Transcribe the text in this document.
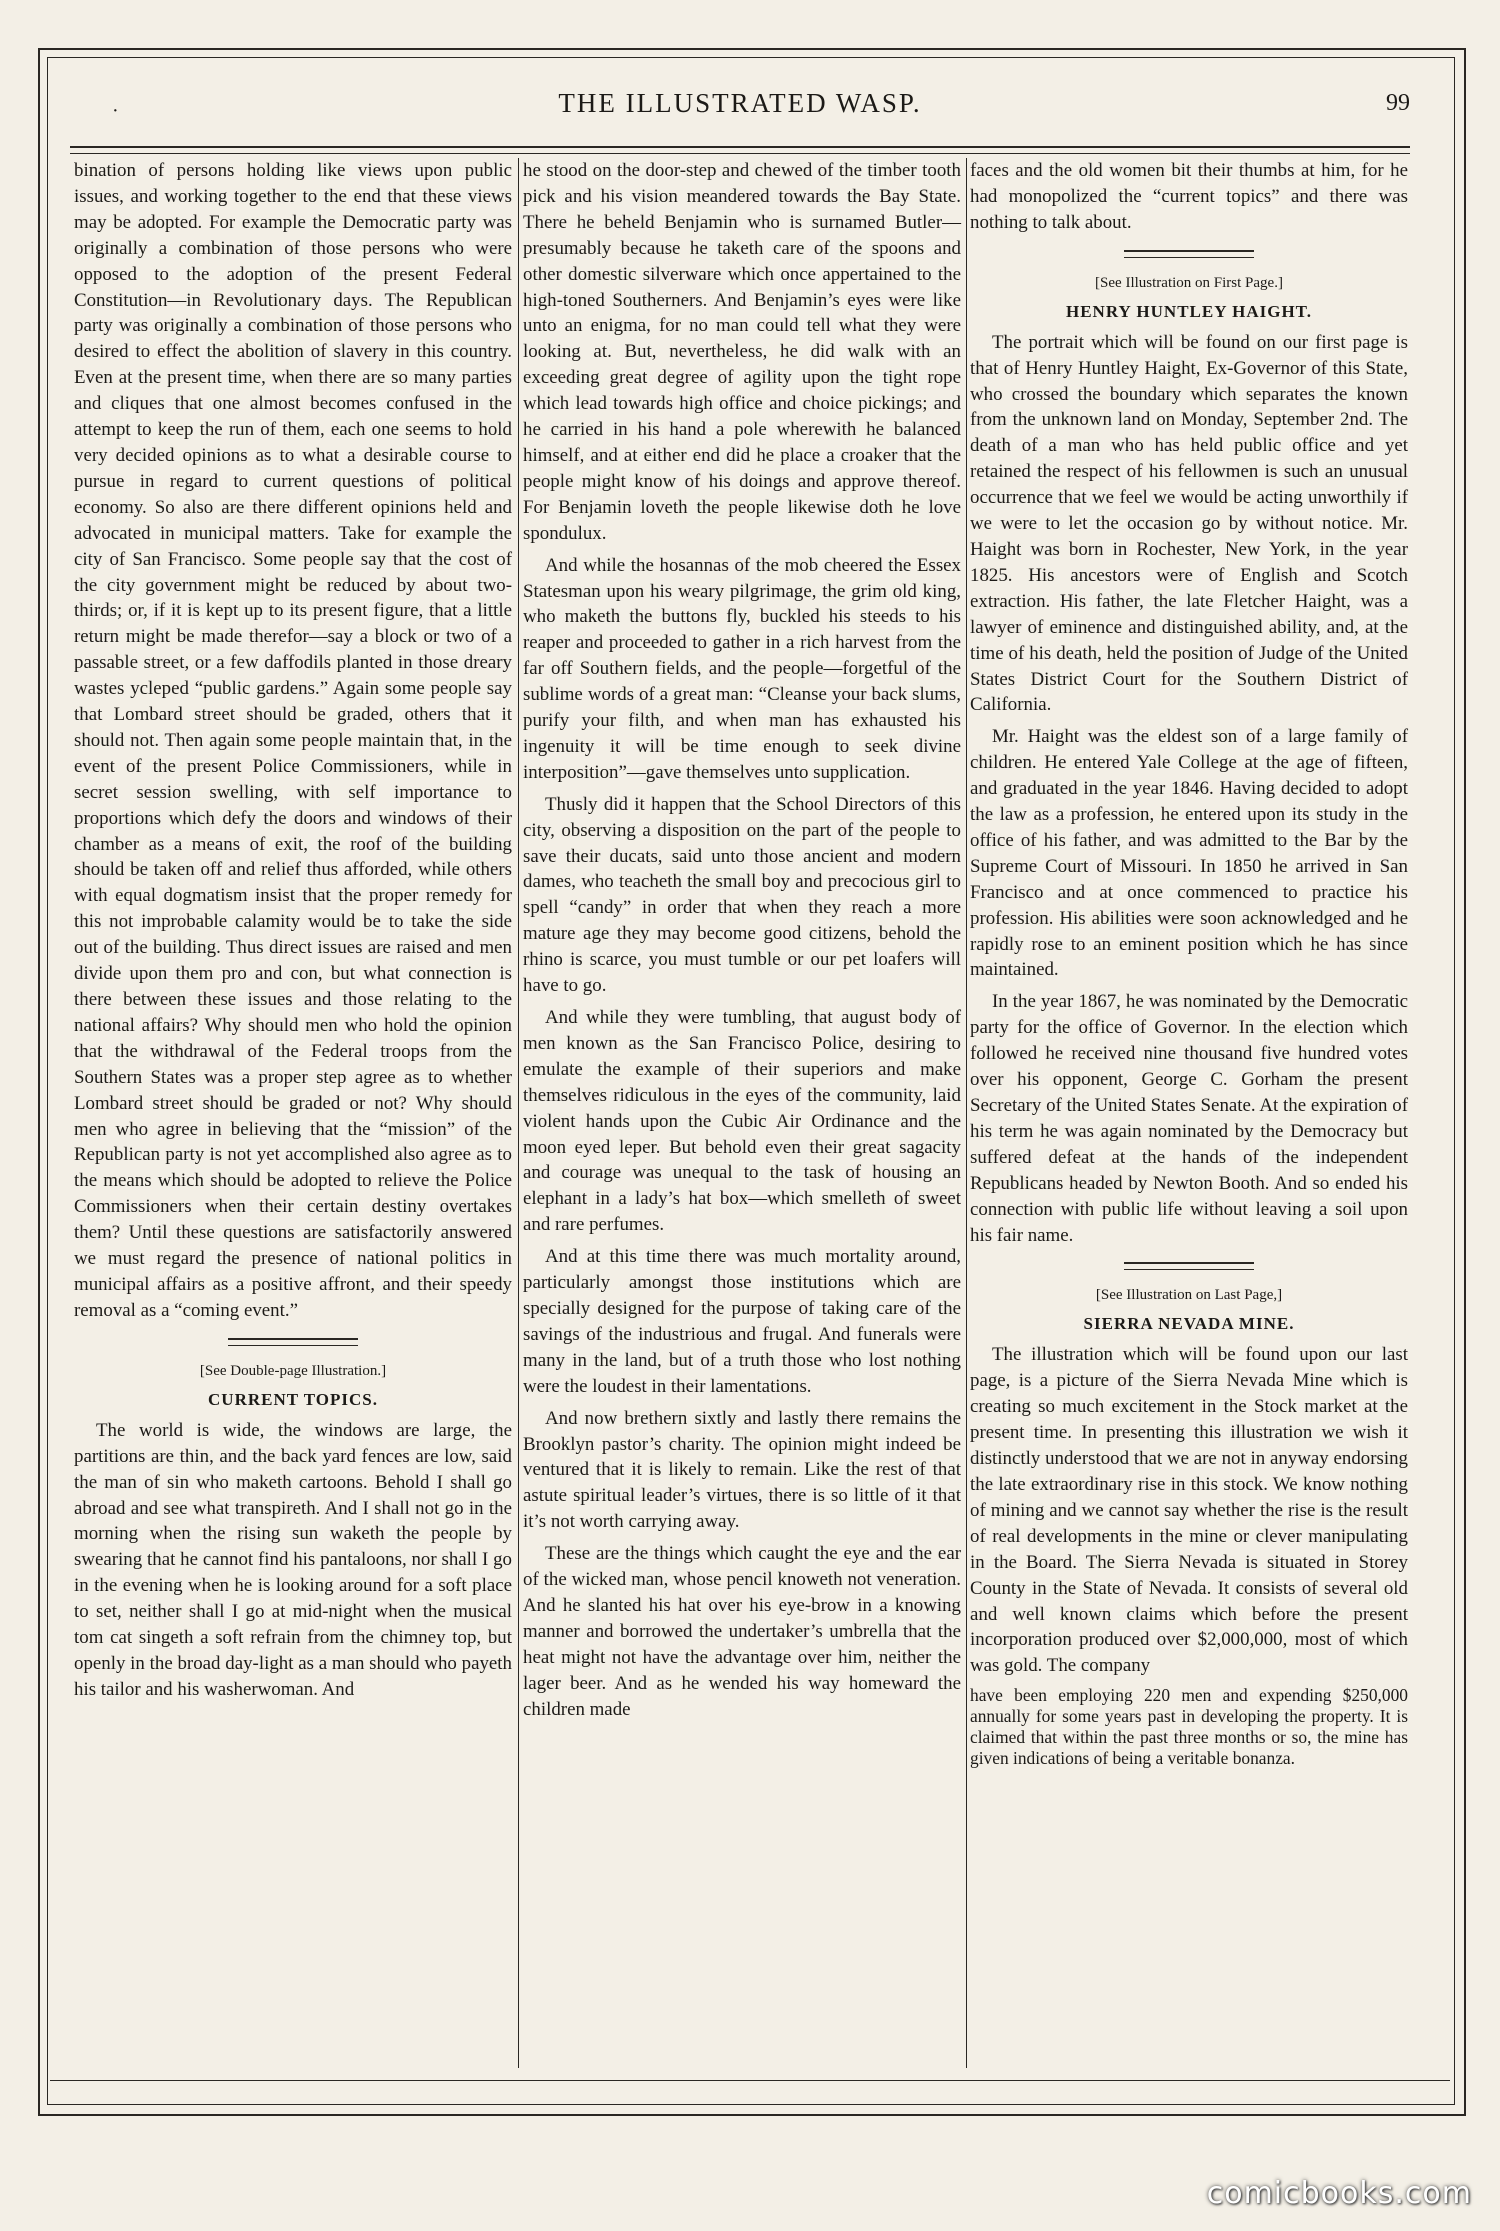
·	THE ILLUSTRATED WASP.	99

bination of persons holding like views upon public issues, and working together to the end that these views may be adopted. For example the Democratic party was originally a combination of those persons who were opposed to the adoption of the present Federal Constitution—in Revolutionary days. The Republican party was originally a combination of those persons who desired to effect the abolition of slavery in this country. Even at the present time, when there are so many parties and cliques that one almost becomes confused in the attempt to keep the run of them, each one seems to hold very decided opinions as to what a desirable course to pursue in regard to current questions of political economy. So also are there different opinions held and advocated in municipal matters. Take for example the city of San Francisco. Some people say that the cost of the city government might be reduced by about two-thirds; or, if it is kept up to its present figure, that a little return might be made therefor—say a block or two of a passable street, or a few daffodils planted in those dreary wastes ycleped “public gardens.” Again some people say that Lombard street should be graded, others that it should not. Then again some people maintain that, in the event of the present Police Commissioners, while in secret session swelling, with self importance to proportions which defy the doors and windows of their chamber as a means of exit, the roof of the building should be taken off and relief thus afforded, while others with equal dogmatism insist that the proper remedy for this not improbable calamity would be to take the side out of the building. Thus direct issues are raised and men divide upon them pro and con, but what connection is there between these issues and those relating to the national affairs? Why should men who hold the opinion that the withdrawal of the Federal troops from the Southern States was a proper step agree as to whether Lombard street should be graded or not? Why should men who agree in believing that the “mission” of the Republican party is not yet accomplished also agree as to the means which should be adopted to relieve the Police Commissioners when their certain destiny overtakes them? Until these questions are satisfactorily answered we must regard the presence of national politics in municipal affairs as a positive affront, and their speedy removal as a “coming event.”

[See Double-page Illustration.]

CURRENT TOPICS.

The world is wide, the windows are large, the partitions are thin, and the back yard fences are low, said the man of sin who maketh cartoons. Behold I shall go abroad and see what transpireth. And I shall not go in the morning when the rising sun waketh the people by swearing that he cannot find his pantaloons, nor shall I go in the evening when he is looking around for a soft place to set, neither shall I go at mid-night when the musical tom cat singeth a soft refrain from the chimney top, but openly in the broad day-light as a man should who payeth his tailor and his washerwoman. And

he stood on the door-step and chewed of the timber tooth pick and his vision meandered towards the Bay State. There he beheld Benjamin who is surnamed Butler—presumably because he taketh care of the spoons and other domestic silverware which once appertained to the high-toned Southerners. And Benjamin’s eyes were like unto an enigma, for no man could tell what they were looking at. But, nevertheless, he did walk with an exceeding great degree of agility upon the tight rope which lead towards high office and choice pickings; and he carried in his hand a pole wherewith he balanced himself, and at either end did he place a croaker that the people might know of his doings and approve thereof. For Benjamin loveth the people likewise doth he love spondulux.

And while the hosannas of the mob cheered the Essex Statesman upon his weary pilgrimage, the grim old king, who maketh the buttons fly, buckled his steeds to his reaper and proceeded to gather in a rich harvest from the far off Southern fields, and the people—forgetful of the sublime words of a great man: “Cleanse your back slums, purify your filth, and when man has exhausted his ingenuity it will be time enough to seek divine interposition”—gave themselves unto supplication.

Thusly did it happen that the School Directors of this city, observing a disposition on the part of the people to save their ducats, said unto those ancient and modern dames, who teacheth the small boy and precocious girl to spell “candy” in order that when they reach a more mature age they may become good citizens, behold the rhino is scarce, you must tumble or our pet loafers will have to go.

And while they were tumbling, that august body of men known as the San Francisco Police, desiring to emulate the example of their superiors and make themselves ridiculous in the eyes of the community, laid violent hands upon the Cubic Air Ordinance and the moon eyed leper. But behold even their great sagacity and courage was unequal to the task of housing an elephant in a lady’s hat box—which smelleth of sweet and rare perfumes.

And at this time there was much mortality around, particularly amongst those institutions which are specially designed for the purpose of taking care of the savings of the industrious and frugal. And funerals were many in the land, but of a truth those who lost nothing were the loudest in their lamentations.

And now brethern sixtly and lastly there remains the Brooklyn pastor’s charity. The opinion might indeed be ventured that it is likely to remain. Like the rest of that astute spiritual leader’s virtues, there is so little of it that it’s not worth carrying away.

These are the things which caught the eye and the ear of the wicked man, whose pencil knoweth not veneration. And he slanted his hat over his eye-brow in a knowing manner and borrowed the undertaker’s umbrella that the heat might not have the advantage over him, neither the lager beer. And as he wended his way homeward the children made

faces and the old women bit their thumbs at him, for he had monopolized the “current topics” and there was nothing to talk about.

[See Illustration on First Page.]

HENRY HUNTLEY HAIGHT.

The portrait which will be found on our first page is that of Henry Huntley Haight, Ex-Governor of this State, who crossed the boundary which separates the known from the unknown land on Monday, September 2nd. The death of a man who has held public office and yet retained the respect of his fellowmen is such an unusual occurrence that we feel we would be acting unworthily if we were to let the occasion go by without notice. Mr. Haight was born in Rochester, New York, in the year 1825. His ancestors were of English and Scotch extraction. His father, the late Fletcher Haight, was a lawyer of eminence and distinguished ability, and, at the time of his death, held the position of Judge of the United States District Court for the Southern District of California.

Mr. Haight was the eldest son of a large family of children. He entered Yale College at the age of fifteen, and graduated in the year 1846. Having decided to adopt the law as a profession, he entered upon its study in the office of his father, and was admitted to the Bar by the Supreme Court of Missouri. In 1850 he arrived in San Francisco and at once commenced to practice his profession. His abilities were soon acknowledged and he rapidly rose to an eminent position which he has since maintained.

In the year 1867, he was nominated by the Democratic party for the office of Governor. In the election which followed he received nine thousand five hundred votes over his opponent, George C. Gorham the present Secretary of the United States Senate. At the expiration of his term he was again nominated by the Democracy but suffered defeat at the hands of the independent Republicans headed by Newton Booth. And so ended his connection with public life without leaving a soil upon his fair name.

[See Illustration on Last Page,]

SIERRA NEVADA MINE.

The illustration which will be found upon our last page, is a picture of the Sierra Nevada Mine which is creating so much excitement in the Stock market at the present time. In presenting this illustration we wish it distinctly understood that we are not in anyway endorsing the late extraordinary rise in this stock. We know nothing of mining and we cannot say whether the rise is the result of real developments in the mine or clever manipulating in the Board. The Sierra Nevada is situated in Storey County in the State of Nevada. It consists of several old and well known claims which before the present incorporation produced over $2,000,000, most of which was gold. The company

have been employing 220 men and expending $250,000 annually for some years past in developing the property. It is claimed that within the past three months or so, the mine has given indications of being a veritable bonanza.

comicbooks.com
